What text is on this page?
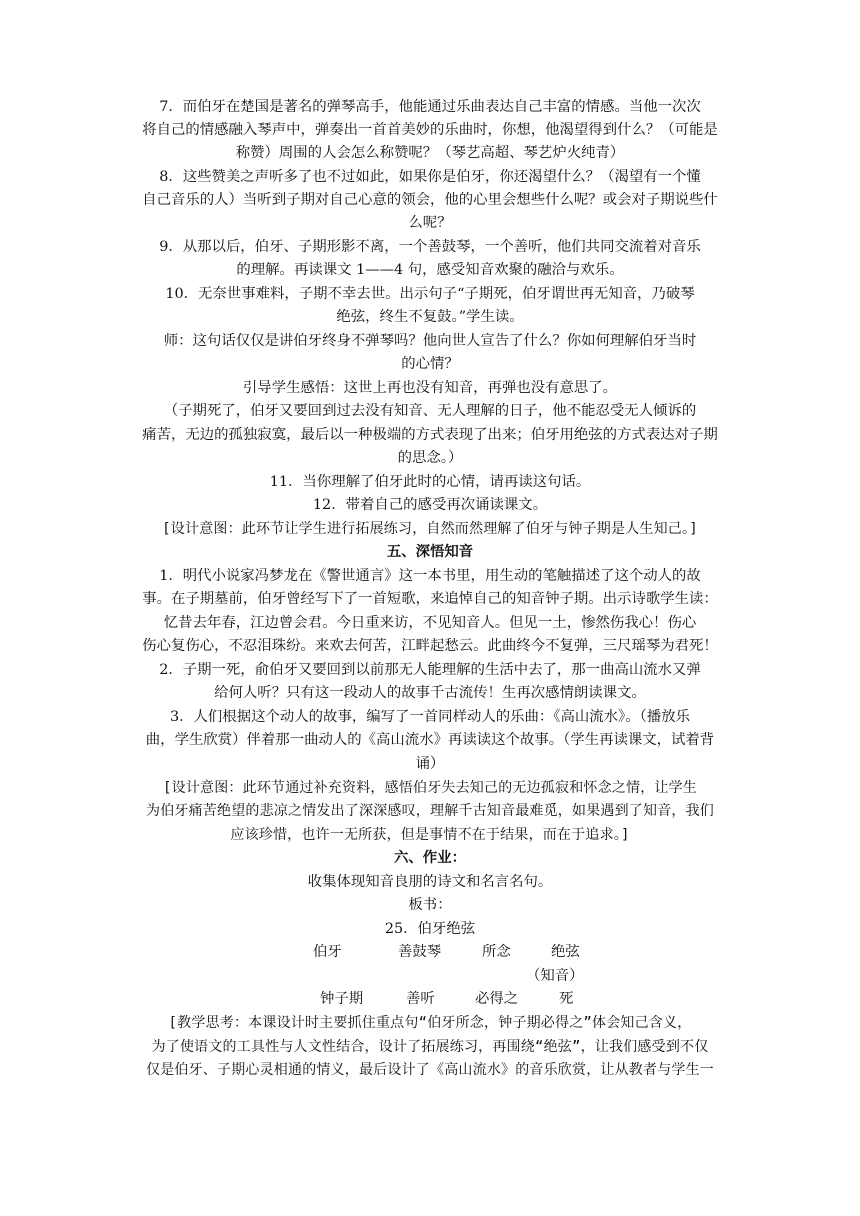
7．而伯牙在楚国是著名的弹琴高手，他能通过乐曲表达自己丰富的情感。当他一次次
将自己的情感融入琴声中，弹奏出一首首美妙的乐曲时，你想，他渴望得到什么？（可能是
称赞）周围的人会怎么称赞呢？（琴艺高超、琴艺炉火纯青）
8．这些赞美之声听多了也不过如此，如果你是伯牙，你还渴望什么？（渴望有一个懂
自己音乐的人）当听到子期对自己心意的领会，他的心里会想些什么呢？或会对子期说些什
么呢？
9．从那以后，伯牙、子期形影不离，一个善鼓琴，一个善听，他们共同交流着对音乐
的理解。再读课文 1——4 句，感受知音欢聚的融洽与欢乐。
10．无奈世事难料，子期不幸去世。出示句子“子期死，伯牙谓世再无知音，乃破琴
绝弦，终生不复鼓。”学生读。
师：这句话仅仅是讲伯牙终身不弹琴吗？他向世人宣告了什么？你如何理解伯牙当时
的心情？
引导学生感悟：这世上再也没有知音，再弹也没有意思了。
（子期死了，伯牙又要回到过去没有知音、无人理解的日子，他不能忍受无人倾诉的
痛苦，无边的孤独寂寞，最后以一种极端的方式表现了出来；伯牙用绝弦的方式表达对子期
的思念。）
11．当你理解了伯牙此时的心情，请再读这句话。
12．带着自己的感受再次诵读课文。
[设计意图：此环节让学生进行拓展练习，自然而然理解了伯牙与钟子期是人生知己。]
五、深悟知音
1．明代小说家冯梦龙在《警世通言》这一本书里，用生动的笔触描述了这个动人的故
事。在子期墓前，伯牙曾经写下了一首短歌，来追悼自己的知音钟子期。出示诗歌学生读：
忆昔去年春，江边曾会君。今日重来访，不见知音人。但见一土，惨然伤我心！伤心
伤心复伤心，不忍泪珠纷。来欢去何苦，江畔起愁云。此曲终今不复弹，三尺瑶琴为君死！
2．子期一死，俞伯牙又要回到以前那无人能理解的生活中去了，那一曲高山流水又弹
给何人听？只有这一段动人的故事千古流传！生再次感情朗读课文。
3．人们根据这个动人的故事，编写了一首同样动人的乐曲：《高山流水》。（播放乐
曲，学生欣赏）伴着那一曲动人的《高山流水》再读读这个故事。（学生再读课文，试着背
诵）
[设计意图：此环节通过补充资料，感悟伯牙失去知己的无边孤寂和怀念之情，让学生
为伯牙痛苦绝望的悲凉之情发出了深深感叹，理解千古知音最难觅，如果遇到了知音，我们
应该珍惜，也许一无所获，但是事情不在于结果，而在于追求。]
六、作业：
收集体现知音良朋的诗文和名言名句。
板书：
25．伯牙绝弦
伯牙	善鼓琴	所念	绝弦
（知音）
钟子期	善听	必得之	死
[教学思考：本课设计时主要抓住重点句“伯牙所念，钟子期必得之”体会知己含义，
为了使语文的工具性与人文性结合，设计了拓展练习，再围绕“绝弦”，让我们感受到不仅
仅是伯牙、子期心灵相通的情义，最后设计了《高山流水》的音乐欣赏，让从教者与学生一
